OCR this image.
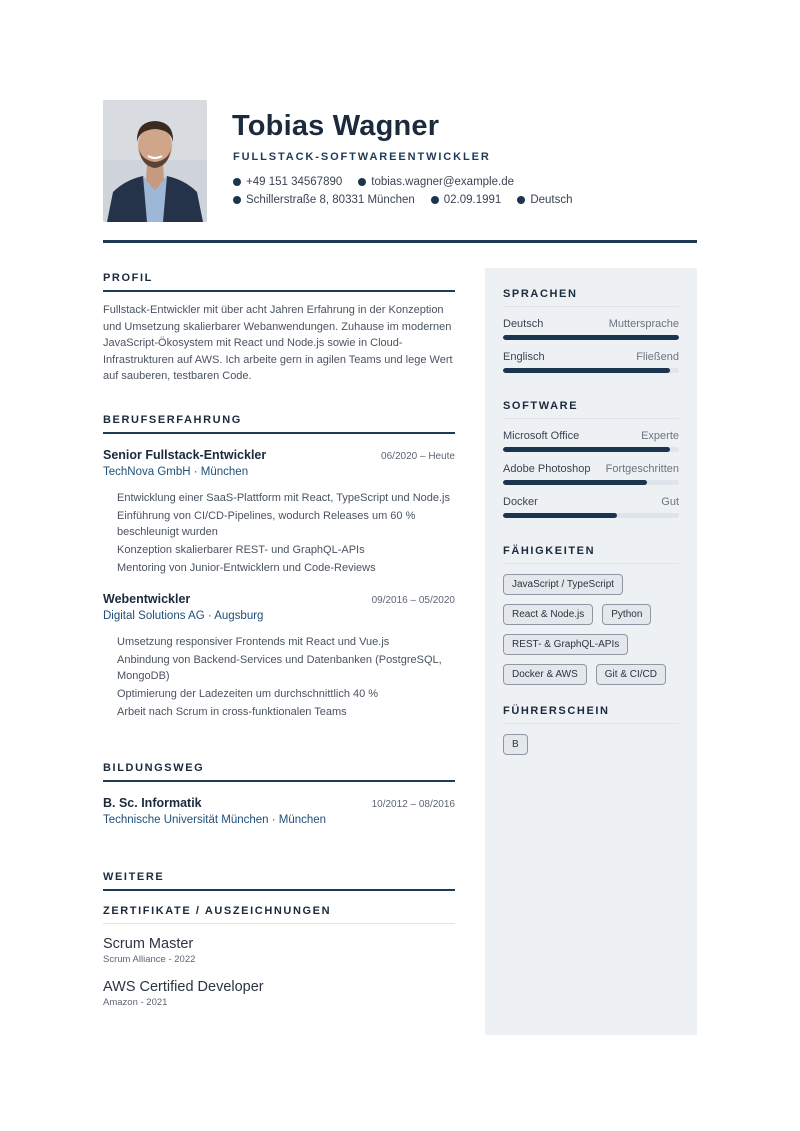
Tobias Wagner
FULLSTACK-SOFTWAREENTWICKLER
+49 151 34567890	tobias.wagner@example.de
Schillerstraße 8, 80331 München	02.09.1991	Deutsch
PROFIL
Fullstack-Entwickler mit über acht Jahren Erfahrung in der Konzeption und Umsetzung skalierbarer Webanwendungen. Zuhause im modernen JavaScript-Ökosystem mit React und Node.js sowie in Cloud-Infrastrukturen auf AWS. Ich arbeite gern in agilen Teams und lege Wert auf sauberen, testbaren Code.
BERUFSERFAHRUNG
Senior Fullstack-Entwickler	06/2020 – Heute
TechNova GmbH · München
Entwicklung einer SaaS-Plattform mit React, TypeScript und Node.js
Einführung von CI/CD-Pipelines, wodurch Releases um 60 % beschleunigt wurden
Konzeption skalierbarer REST- und GraphQL-APIs
Mentoring von Junior-Entwicklern und Code-Reviews
Webentwickler	09/2016 – 05/2020
Digital Solutions AG · Augsburg
Umsetzung responsiver Frontends mit React und Vue.js
Anbindung von Backend-Services und Datenbanken (PostgreSQL, MongoDB)
Optimierung der Ladezeiten um durchschnittlich 40 %
Arbeit nach Scrum in cross-funktionalen Teams
BILDUNGSWEG
B. Sc. Informatik	10/2012 – 08/2016
Technische Universität München · München
WEITERE
ZERTIFIKATE / AUSZEICHNUNGEN
Scrum Master
Scrum Alliance - 2022
AWS Certified Developer
Amazon - 2021
SPRACHEN
Deutsch	Muttersprache
Englisch	Fließend
SOFTWARE
Microsoft Office	Experte
Adobe Photoshop Fortgeschritten
Docker	Gut
FÄHIGKEITEN
JavaScript / TypeScript
React & Node.js	Python
REST- & GraphQL-APIs
Docker & AWS	Git & CI/CD
FÜHRERSCHEIN
B
